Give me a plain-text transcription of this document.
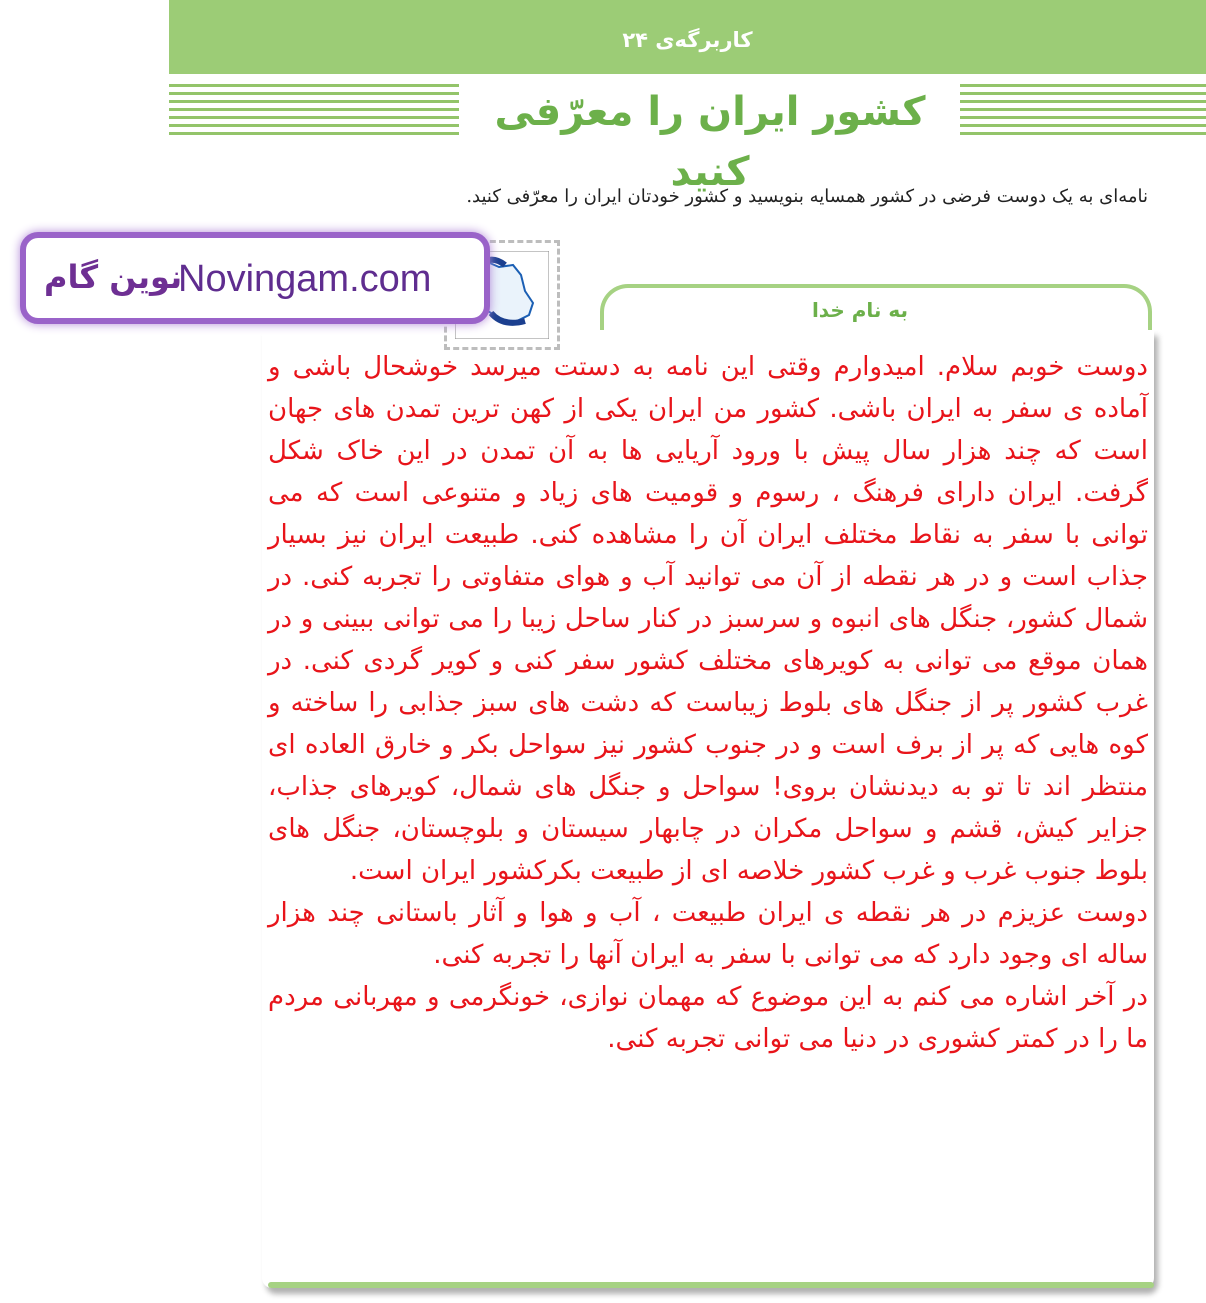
کاربرگه‌ی ۲۴
کشور ایران را معرّفی کنید
نامه‌ای به یک دوست فرضی در کشور همسایه بنویسید و کشور خودتان ایران را معرّفی کنید.
به نام خدا
نوین گام
Novingam.com

دوست خوبم سلام. امیدوارم وقتی این نامه به دستت میرسد خوشحال باشی و آماده ی سفر به ایران باشی. کشور من ایران یکی از کهن ترین تمدن های جهان است که چند هزار سال پیش با ورود آریایی ها به آن تمدن در این خاک شکل گرفت. ایران دارای فرهنگ ، رسوم و قومیت های زیاد و متنوعی است که می توانی با سفر به نقاط مختلف ایران آن را مشاهده کنی. طبیعت ایران نیز بسیار جذاب است و در هر نقطه از آن می توانید آب و هوای متفاوتی را تجربه کنی. در شمال کشور، جنگل های انبوه و سرسبز در کنار ساحل زیبا را می توانی ببینی و در همان موقع می توانی به کویرهای مختلف کشور سفر کنی و کویر گردی کنی. در غرب کشور پر از جنگل های بلوط زیباست که دشت های سبز جذابی را ساخته و کوه هایی که پر از برف است و در جنوب کشور نیز سواحل بکر و خارق العاده ای منتظر اند تا تو به دیدنشان بروی! سواحل و جنگل های شمال، کویرهای جذاب، جزایر کیش، قشم و سواحل مکران در چابهار سیستان و بلوچستان، جنگل های بلوط جنوب غرب و غرب کشور خلاصه ای از طبیعت بکرکشور ایران است.

دوست عزیزم در هر نقطه ی ایران طبیعت ، آب و هوا و آثار باستانی چند هزار ساله ای وجود دارد که می توانی با سفر به ایران آنها را تجربه کنی.

در آخر اشاره می کنم به این موضوع که مهمان نوازی، خونگرمی و مهربانی مردم ما را در کمتر کشوری در دنیا می توانی تجربه کنی.
